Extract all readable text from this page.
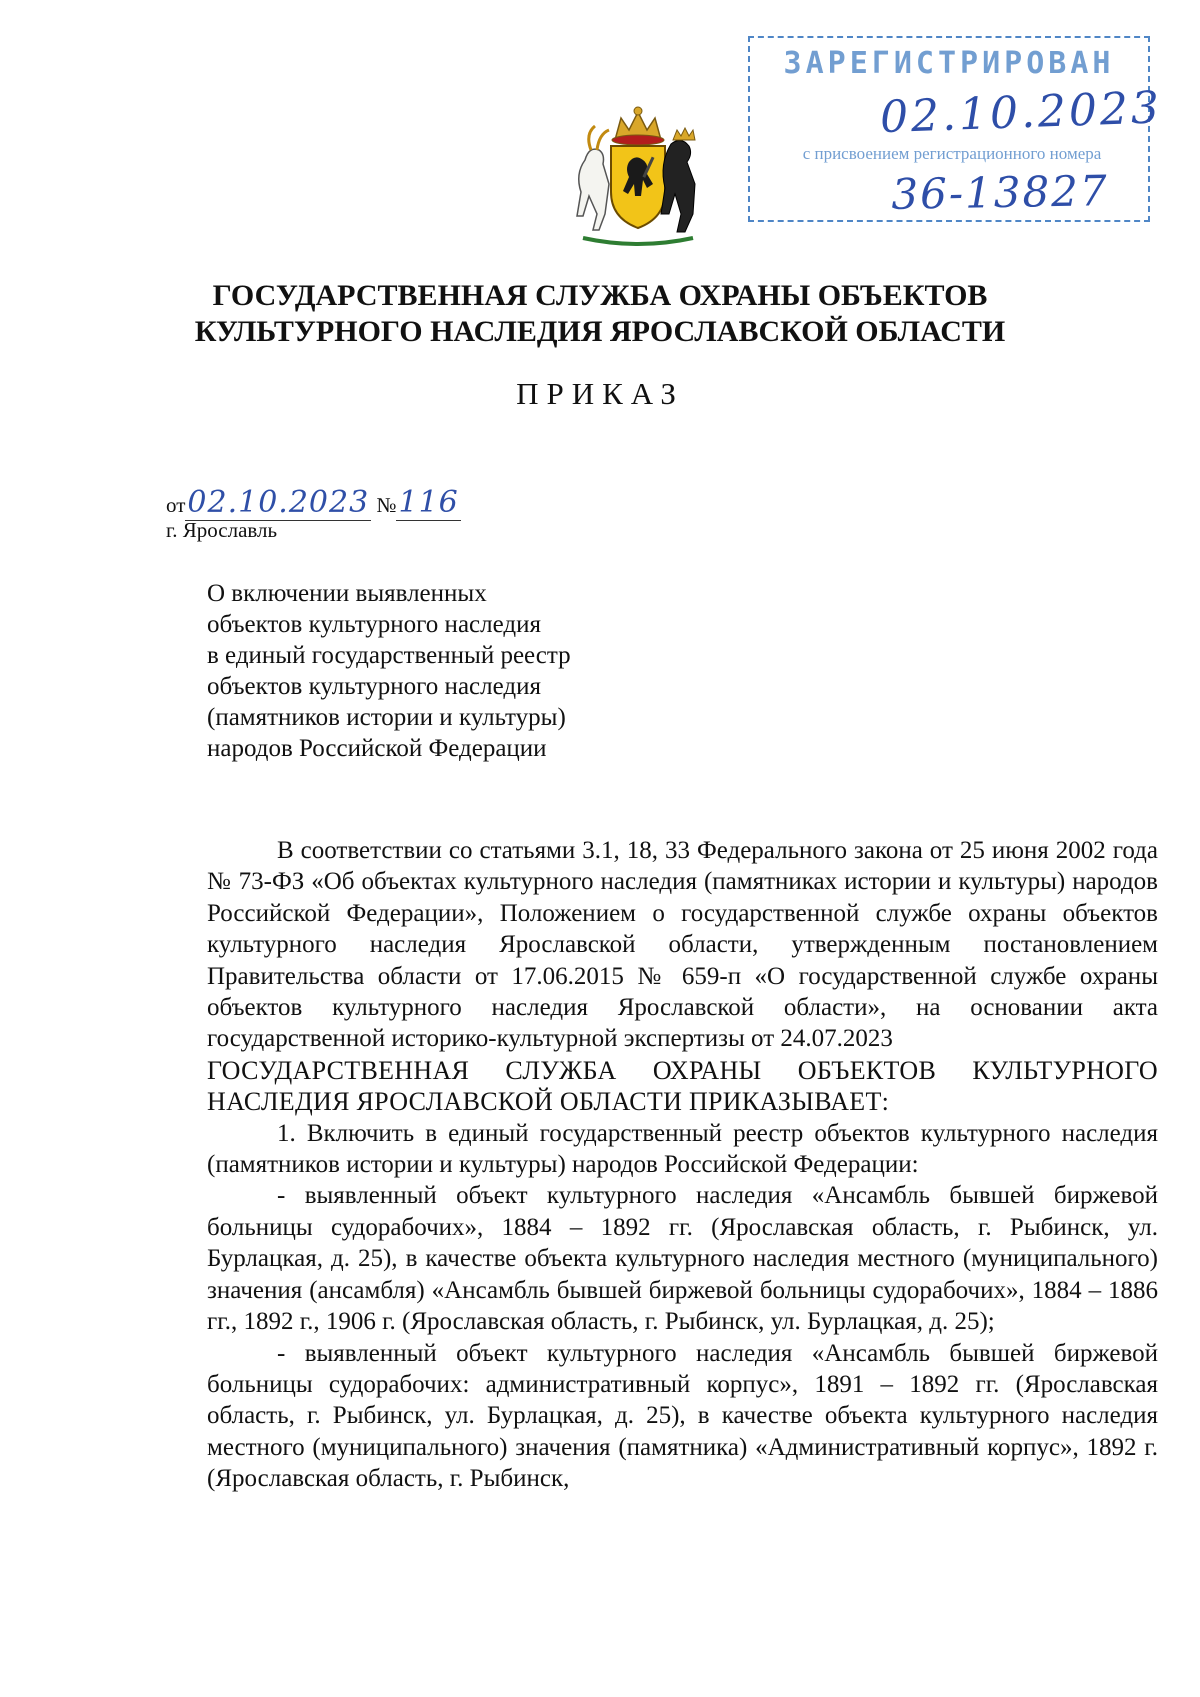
ЗАРЕГИСТРИРОВАН
02.10.2023
с присвоением регистрационного номера
36-13827
ГОСУДАРСТВЕННАЯ СЛУЖБА ОХРАНЫ ОБЪЕКТОВ
КУЛЬТУРНОГО НАСЛЕДИЯ ЯРОСЛАВСКОЙ ОБЛАСТИ
ПРИКАЗ
от02.10.2023 №116
г. Ярославль
О включении выявленных
объектов культурного наследия
в единый государственный реестр
объектов культурного наследия
(памятников истории и культуры)
народов Российской Федерации

В соответствии со статьями 3.1, 18, 33 Федерального закона от 25 июня 2002 года № 73-ФЗ «Об объектах культурного наследия (памятниках истории и культуры) народов Российской Федерации», Положением о государственной службе охраны объектов культурного наследия Ярославской области, утвержденным постановлением Правительства области от 17.06.2015 № 659-п «О государственной службе охраны объектов культурного наследия Ярославской области», на основании акта государственной историко-культурной экспертизы от 24.07.2023

ГОСУДАРСТВЕННАЯ СЛУЖБА ОХРАНЫ ОБЪЕКТОВ КУЛЬТУРНОГО НАСЛЕДИЯ ЯРОСЛАВСКОЙ ОБЛАСТИ ПРИКАЗЫВАЕТ:

1. Включить в единый государственный реестр объектов культурного наследия (памятников истории и культуры) народов Российской Федерации:

- выявленный объект культурного наследия «Ансамбль бывшей биржевой больницы судорабочих», 1884 – 1892 гг. (Ярославская область, г. Рыбинск, ул. Бурлацкая, д. 25), в качестве объекта культурного наследия местного (муниципального) значения (ансамбля) «Ансамбль бывшей биржевой больницы судорабочих», 1884 – 1886 гг., 1892 г., 1906 г. (Ярославская область, г. Рыбинск, ул. Бурлацкая, д. 25);

- выявленный объект культурного наследия «Ансамбль бывшей биржевой больницы судорабочих: административный корпус», 1891 – 1892 гг. (Ярославская область, г. Рыбинск, ул. Бурлацкая, д. 25), в качестве объекта культурного наследия местного (муниципального) значения (памятника) «Административный корпус», 1892 г. (Ярославская область, г. Рыбинск,
